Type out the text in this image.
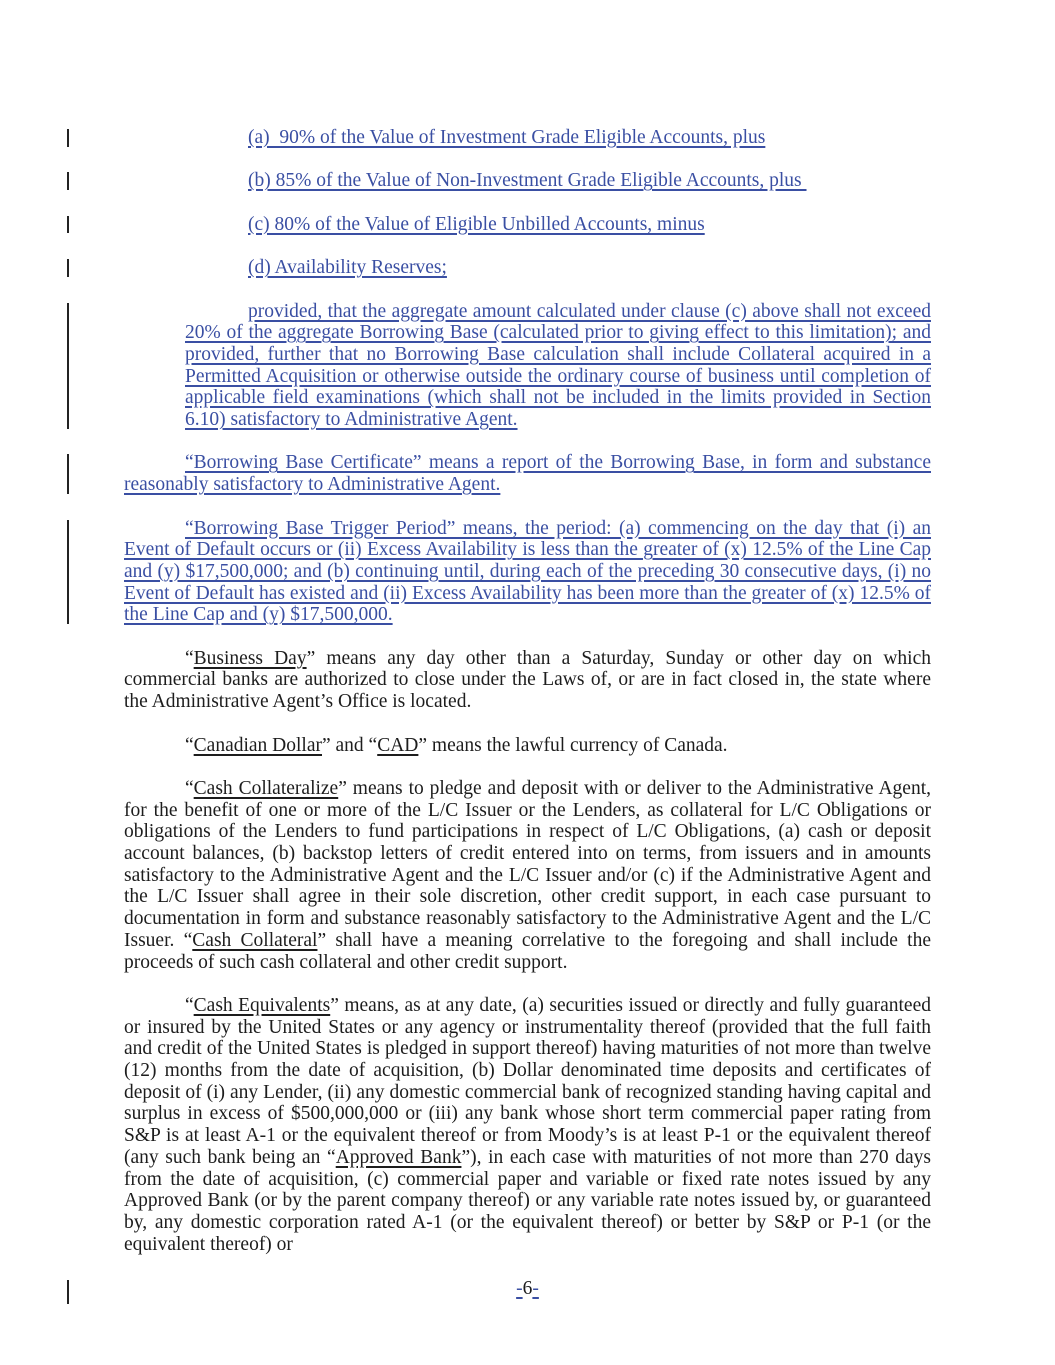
(a)  90% of the Value of Investment Grade Eligible Accounts, plus

(b) 85% of the Value of Non-Investment Grade Eligible Accounts, plus

(c) 80% of the Value of Eligible Unbilled Accounts, minus

(d) Availability Reserves;

provided, that the aggregate amount calculated under clause (c) above shall not exceed 20% of the aggregate Borrowing Base (calculated prior to giving effect to this limitation); and provided, further that no Borrowing Base calculation shall include Collateral acquired in a Permitted Acquisition or otherwise outside the ordinary course of business until completion of applicable field examinations (which shall not be included in the limits provided in Section 6.10) satisfactory to Administrative Agent.

“Borrowing Base Certificate” means a report of the Borrowing Base, in form and substance reasonably satisfactory to Administrative Agent.

“Borrowing Base Trigger Period” means, the period: (a) commencing on the day that (i) an Event of Default occurs or (ii) Excess Availability is less than the greater of (x) 12.5% of the Line Cap and (y) $17,500,000; and (b) continuing until, during each of the preceding 30 consecutive days, (i) no Event of Default has existed and (ii) Excess Availability has been more than the greater of (x) 12.5% of the Line Cap and (y) $17,500,000.

“Business Day” means any day other than a Saturday, Sunday or other day on which commercial banks are authorized to close under the Laws of, or are in fact closed in, the state where the Administrative Agent’s Office is located.

“Canadian Dollar” and “CAD” means the lawful currency of Canada.

“Cash Collateralize” means to pledge and deposit with or deliver to the Administrative Agent, for the benefit of one or more of the L/C Issuer or the Lenders, as collateral for L/C Obligations or obligations of the Lenders to fund participations in respect of L/C Obligations, (a) cash or deposit account balances, (b) backstop letters of credit entered into on terms, from issuers and in amounts satisfactory to the Administrative Agent and the L/C Issuer and/or (c) if the Administrative Agent and the L/C Issuer shall agree in their sole discretion, other credit support, in each case pursuant to documentation in form and substance reasonably satisfactory to the Administrative Agent and the L/C Issuer. “Cash Collateral” shall have a meaning correlative to the foregoing and shall include the proceeds of such cash collateral and other credit support.

“Cash Equivalents” means, as at any date, (a) securities issued or directly and fully guaranteed or insured by the United States or any agency or instrumentality thereof (provided that the full faith and credit of the United States is pledged in support thereof) having maturities of not more than twelve (12) months from the date of acquisition, (b) Dollar denominated time deposits and certificates of deposit of (i) any Lender, (ii) any domestic commercial bank of recognized standing having capital and surplus in excess of $500,000,000 or (iii) any bank whose short term commercial paper rating from S&P is at least A-1 or the equivalent thereof or from Moody’s is at least P-1 or the equivalent thereof (any such bank being an “Approved Bank”), in each case with maturities of not more than 270 days from the date of acquisition, (c) commercial paper and variable or fixed rate notes issued by any Approved Bank (or by the parent company thereof) or any variable rate notes issued by, or guaranteed by, any domestic corporation rated A-1 (or the equivalent thereof) or better by S&P or P-1 (or the equivalent thereof) or

-6-
